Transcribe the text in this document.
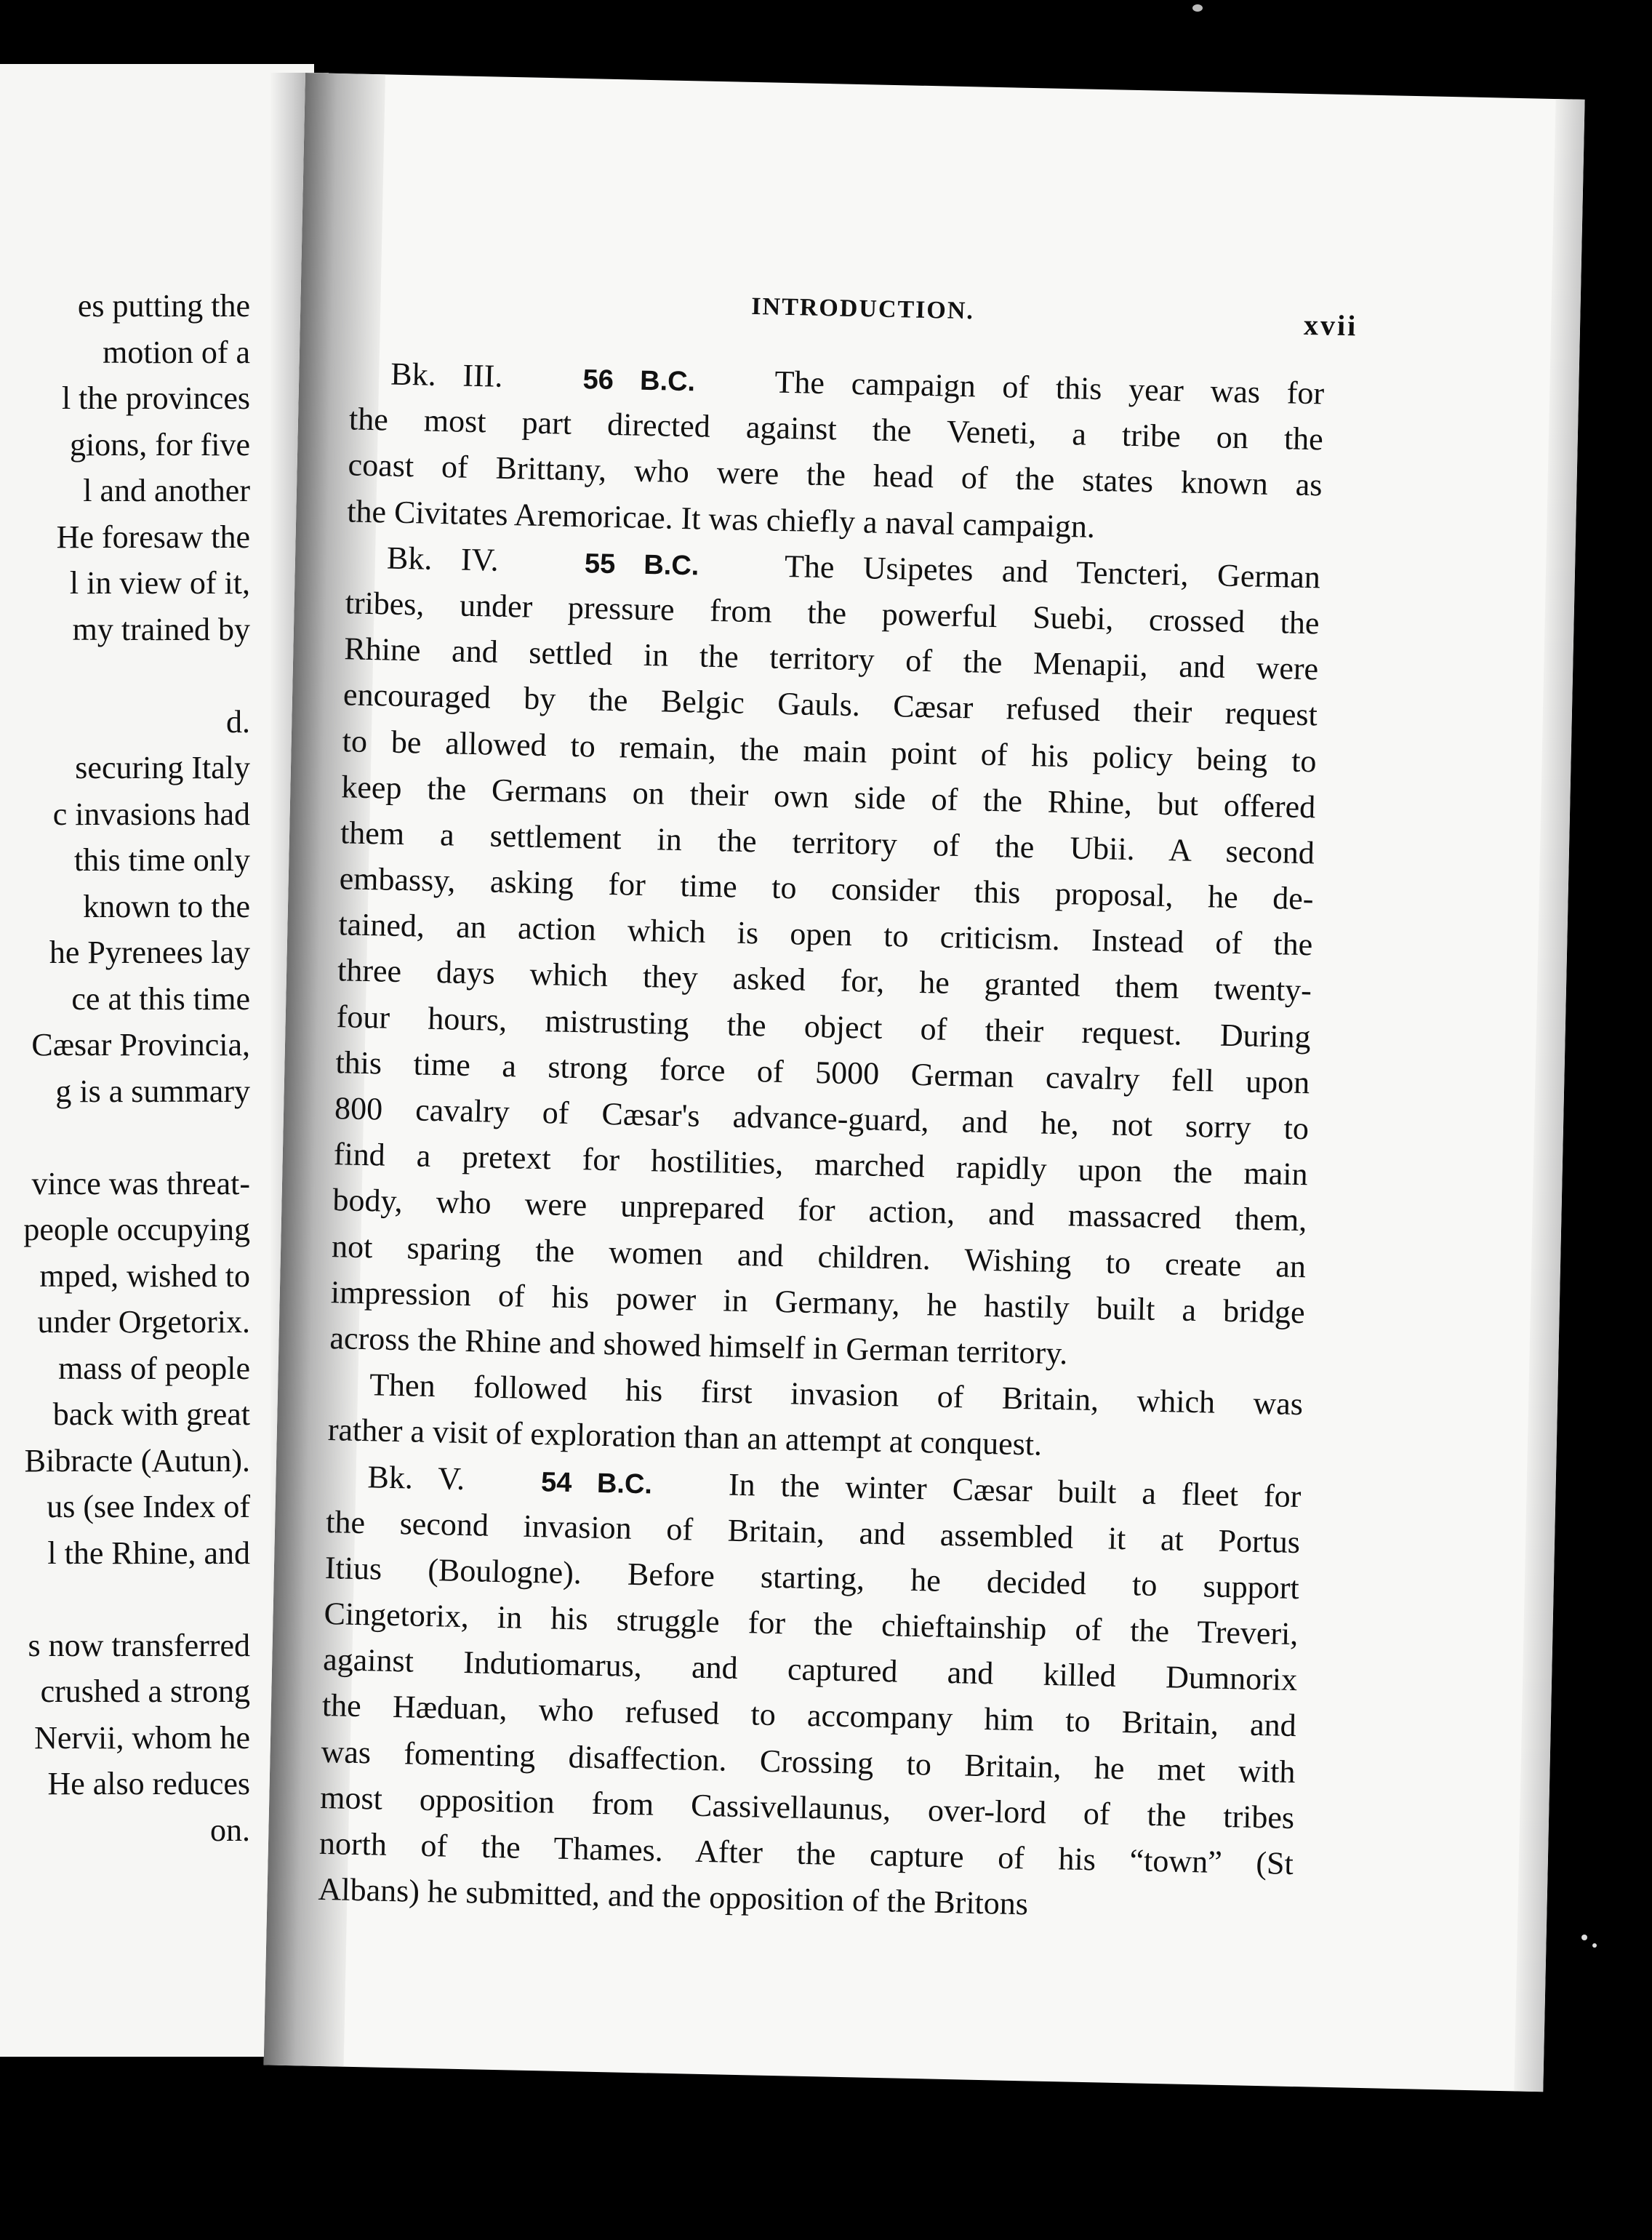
es putting the
motion of a
l the provinces
gions, for five
l and another
He foresaw the
l in view of it,
my trained by
d.
securing Italy
c invasions had
this time only
known to the
he Pyrenees lay
ce at this time
Cæsar Provincia,
g is a summary
vince was threat-
people occupying
mped, wished to
under Orgetorix.
mass of people
back with great
Bibracte (Autun).
us (see Index of
l the Rhine, and
s now transferred
crushed a strong
Nervii, whom he
He also reduces
on.
INTRODUCTION.	xvii
Bk. III.	56 B.C. The campaign of this year was for
the most part directed against the Veneti, a tribe on the
coast of Brittany, who were the head of the states known as
the Civitates Aremoricae. It was chiefly a naval campaign.
Bk. IV.	55 B.C.	The Usipetes and Tencteri, German
tribes, under pressure from the powerful Suebi, crossed the
Rhine and settled in the territory of the Menapii, and were
encouraged by the Belgic Gauls. Cæsar refused their request
to be allowed to remain, the main point of his policy being to
keep the Germans on their own side of the Rhine, but offered
them a settlement in the territory of the Ubii. A second
embassy, asking for time to consider this proposal, he de-
tained, an action which is open to criticism. Instead of the
three days which they asked for, he granted them twenty-
four hours, mistrusting the object of their request. During
this time a strong force of 5000 German cavalry fell upon
800 cavalry of Cæsar's advance-guard, and he, not sorry to
find a pretext for hostilities, marched rapidly upon the main
body, who were unprepared for action, and massacred them,
not sparing the women and children. Wishing to create an
impression of his power in Germany, he hastily built a bridge
across the Rhine and showed himself in German territory.
Then followed his first invasion of Britain, which was
rather a visit of exploration than an attempt at conquest.
Bk. V.	54 B.C. In the winter Cæsar built a fleet for
the second invasion of Britain, and assembled it at Portus
Itius (Boulogne). Before starting, he decided to support
Cingetorix, in his struggle for the chieftainship of the Treveri,
against Indutiomarus, and captured and killed Dumnorix
the Hæduan, who refused to accompany him to Britain, and
was fomenting disaffection. Crossing to Britain, he met with
most opposition from Cassivellaunus, over-lord of the tribes
north of the Thames. After the capture of his “town” (St
Albans) he submitted, and the opposition of the Britons
